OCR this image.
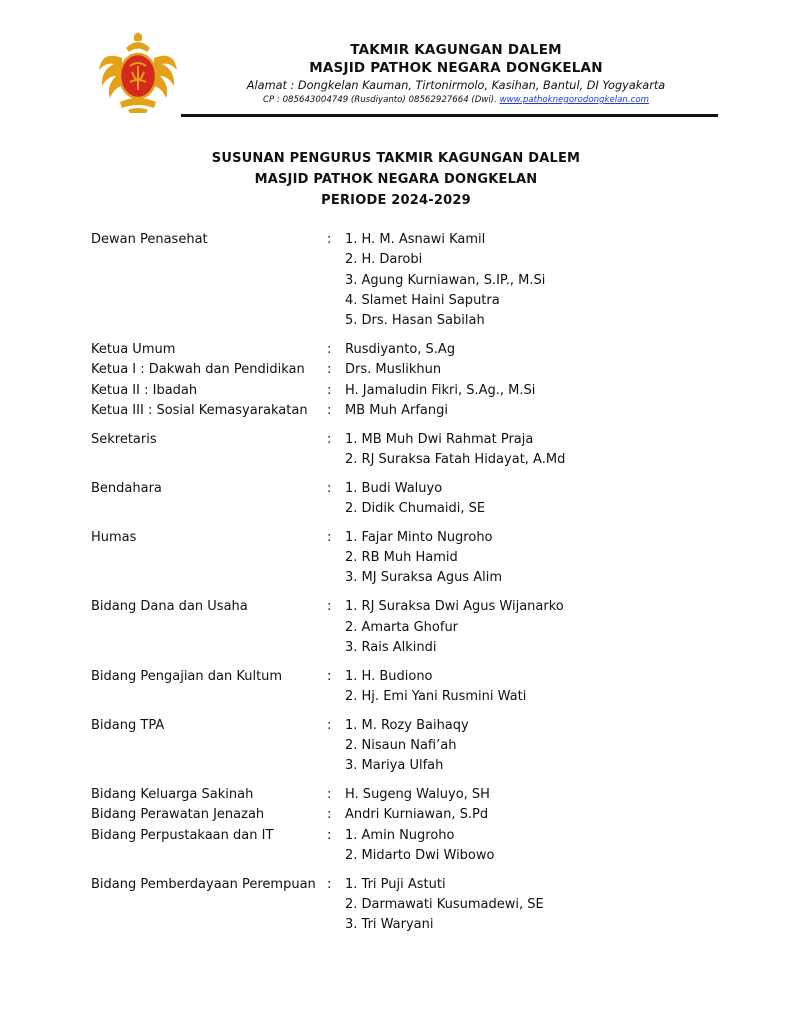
TAKMIR KAGUNGAN DALEM
MASJID PATHOK NEGARA DONGKELAN
Alamat : Dongkelan Kauman, Tirtonirmolo, Kasihan, Bantul, DI Yogyakarta
CP : 085643004749 (Rusdiyanto) 08562927664 (Dwi). www.pathoknegorodongkelan.com
SUSUNAN PENGURUS TAKMIR KAGUNGAN DALEM
MASJID PATHOK NEGARA DONGKELAN
PERIODE 2024-2029
Dewan Penasehat	:	1. H. M. Asnawi Kamil
2. H. Darobi
3. Agung Kurniawan, S.IP., M.Si
4. Slamet Haini Saputra
5. Drs. Hasan Sabilah
Ketua Umum	:	Rusdiyanto, S.Ag
Ketua I : Dakwah dan Pendidikan	:	Drs. Muslikhun
Ketua II : Ibadah	:	H. Jamaludin Fikri, S.Ag., M.Si
Ketua III : Sosial Kemasyarakatan	:	MB Muh Arfangi
Sekretaris	:	1. MB Muh Dwi Rahmat Praja
2. RJ Suraksa Fatah Hidayat, A.Md
Bendahara	:	1. Budi Waluyo
2. Didik Chumaidi, SE
Humas	:	1. Fajar Minto Nugroho
2. RB Muh Hamid
3. MJ Suraksa Agus Alim
Bidang Dana dan Usaha	:	1. RJ Suraksa Dwi Agus Wijanarko
2. Amarta Ghofur
3. Rais Alkindi
Bidang Pengajian dan Kultum	:	1. H. Budiono
2. Hj. Emi Yani Rusmini Wati
Bidang TPA	:	1. M. Rozy Baihaqy
2. Nisaun Nafi’ah
3. Mariya Ulfah
Bidang Keluarga Sakinah	:	H. Sugeng Waluyo, SH
Bidang Perawatan Jenazah	:	Andri Kurniawan, S.Pd
Bidang Perpustakaan dan IT	:	1. Amin Nugroho
2. Midarto Dwi Wibowo
Bidang Pemberdayaan Perempuan :	1. Tri Puji Astuti
2. Darmawati Kusumadewi, SE
3. Tri Waryani
